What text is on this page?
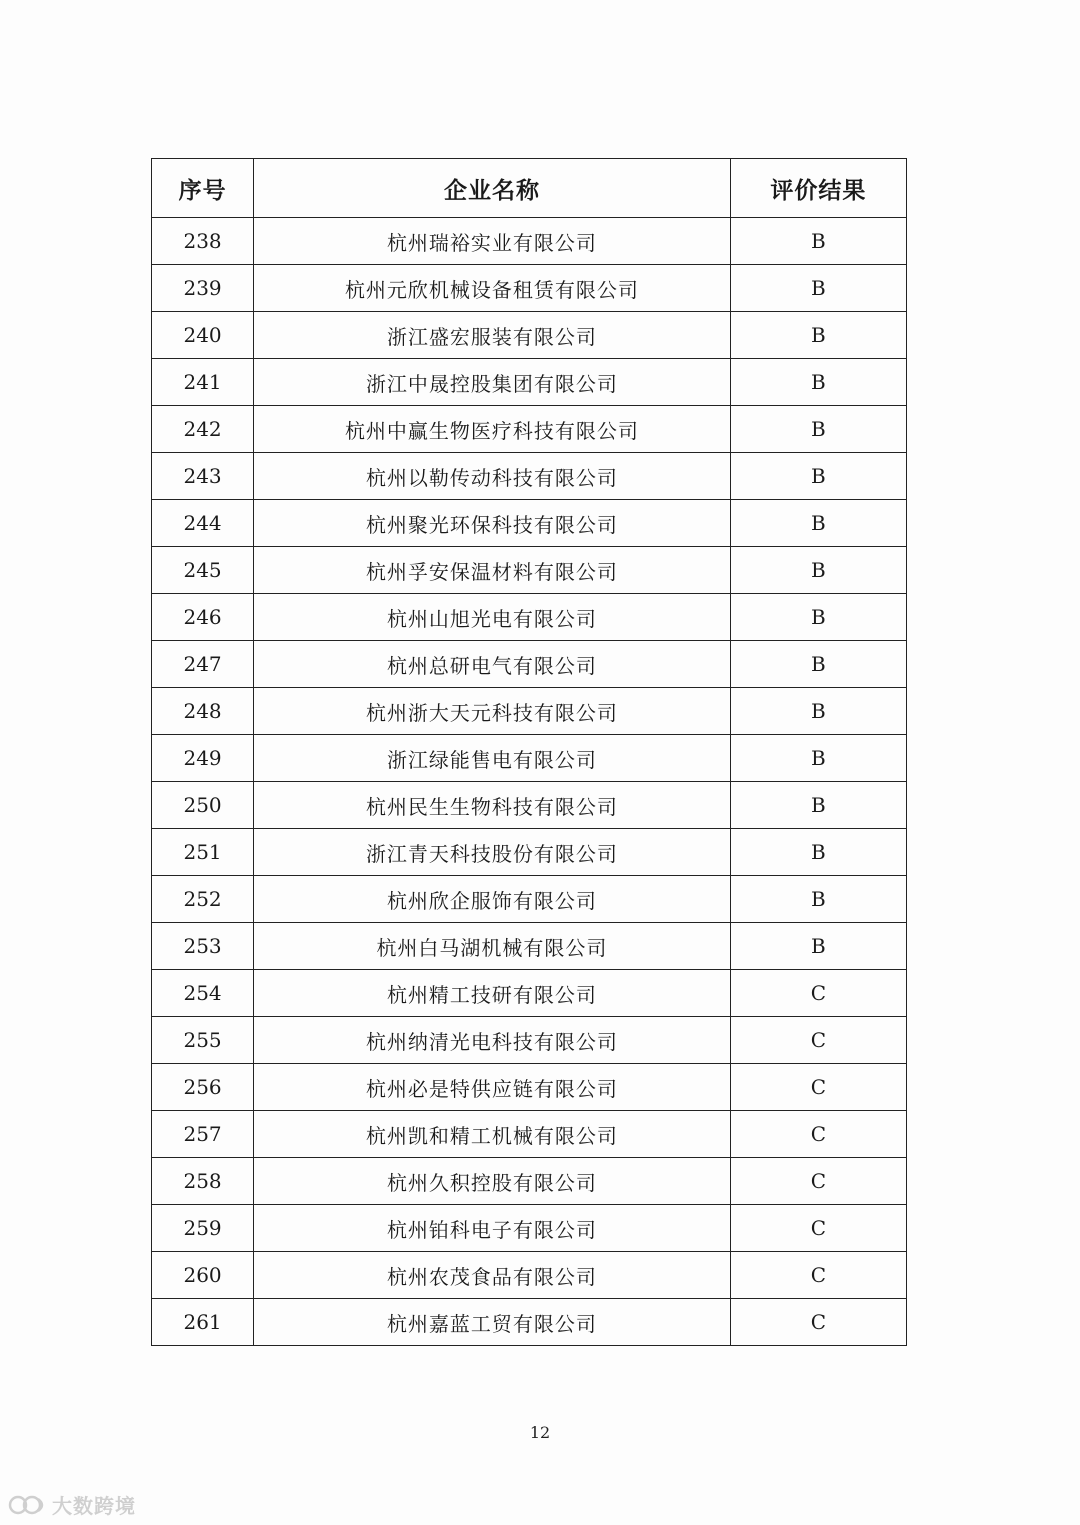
序号	企业名称	评价结果
238	杭州瑞裕实业有限公司	B
239	杭州元欣机械设备租赁有限公司	B
240	浙江盛宏服装有限公司	B
241	浙江中晟控股集团有限公司	B
242	杭州中赢生物医疗科技有限公司	B
243	杭州以勒传动科技有限公司	B
244	杭州聚光环保科技有限公司	B
245	杭州孚安保温材料有限公司	B
246	杭州山旭光电有限公司	B
247	杭州总研电气有限公司	B
248	杭州浙大天元科技有限公司	B
249	浙江绿能售电有限公司	B
250	杭州民生生物科技有限公司	B
251	浙江青天科技股份有限公司	B
252	杭州欣企服饰有限公司	B
253	杭州白马湖机械有限公司	B
254	杭州精工技研有限公司	C
255	杭州纳清光电科技有限公司	C
256	杭州必是特供应链有限公司	C
257	杭州凯和精工机械有限公司	C
258	杭州久积控股有限公司	C
259	杭州铂科电子有限公司	C
260	杭州农茂食品有限公司	C
261	杭州嘉蓝工贸有限公司	C
12
大数跨境
